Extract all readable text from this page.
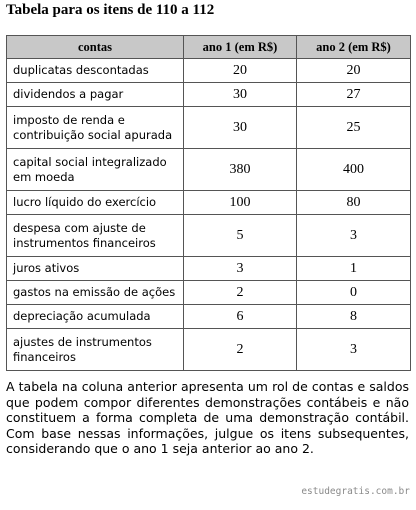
Tabela para os itens de 110 a 112
contas	ano 1 (em R$)	ano 2 (em R$)
duplicatas descontadas	20	20
dividendos a pagar	30	27
imposto de renda e contribuição social apurada	30	25
capital social integralizado em moeda	380	400
lucro líquido do exercício	100	80
despesa com ajuste de instrumentos financeiros	5	3
juros ativos	3	1
gastos na emissão de ações	2	0
depreciação acumulada	6	8
ajustes de instrumentos financeiros	2	3
A tabela na coluna anterior apresenta um rol de contas e saldos que podem compor diferentes demonstrações contábeis e não constituem a forma completa de uma demonstração contábil. Com base nessas informações, julgue os itens subsequentes, considerando que o ano 1 seja anterior ao ano 2.
estudegratis.com.br
